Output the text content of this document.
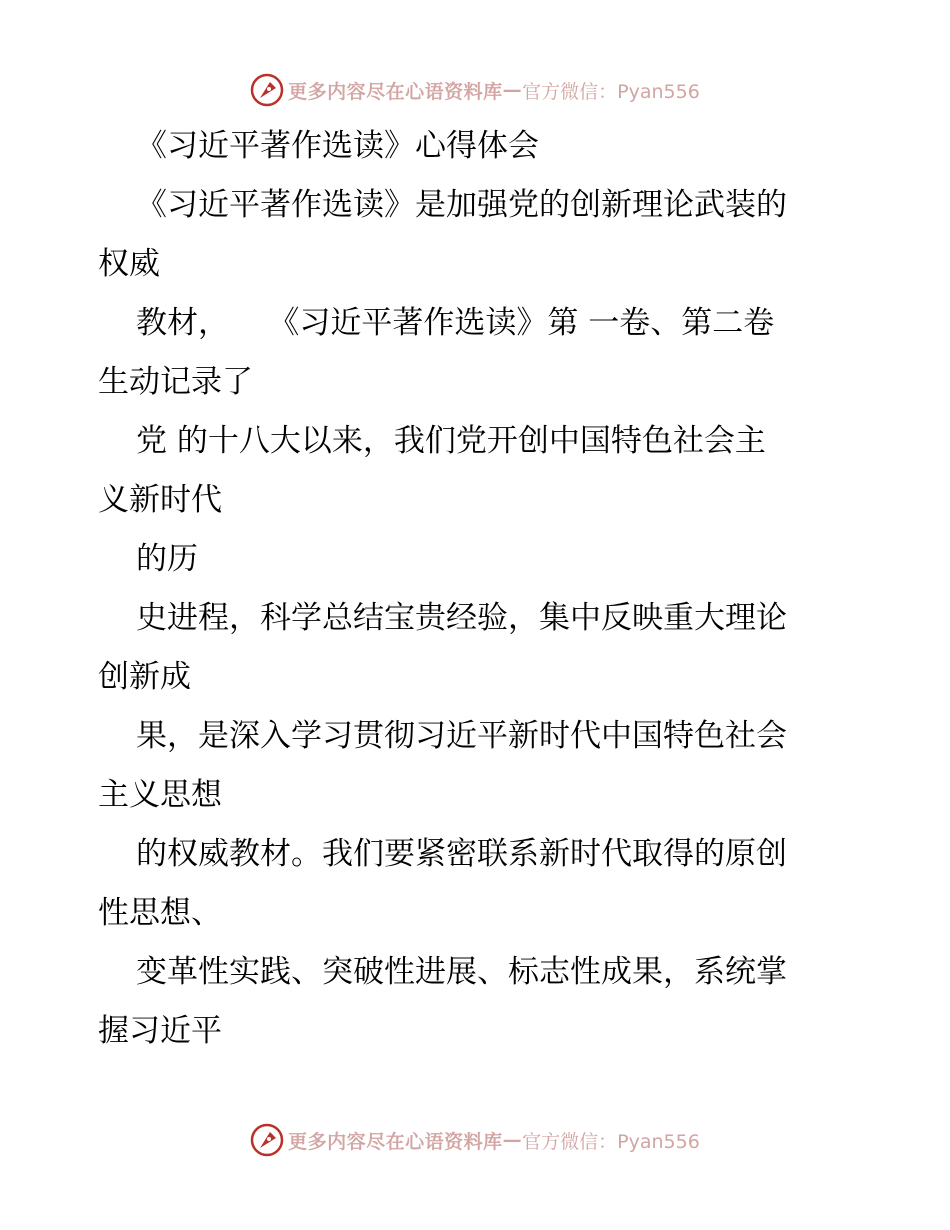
更多内容尽在心语资料库 — 官方微信：Pyan556
《习近平著作选读》心得体会
《习近平著作选读》是加强党的创新理论武装的
权威
教材，    《习近平著作选读》第 一卷、第二卷
生动记录了
党 的十八大以来，我们党开创中国特色社会主
义新时代
的历
史进程，科学总结宝贵经验，集中反映重大理论
创新成
果，是深入学习贯彻习近平新时代中国特色社会
主义思想
的权威教材。我们要紧密联系新时代取得的原创
性思想、
变革性实践、突破性进展、标志性成果，系统掌
握习近平
更多内容尽在心语资料库 — 官方微信：Pyan556
